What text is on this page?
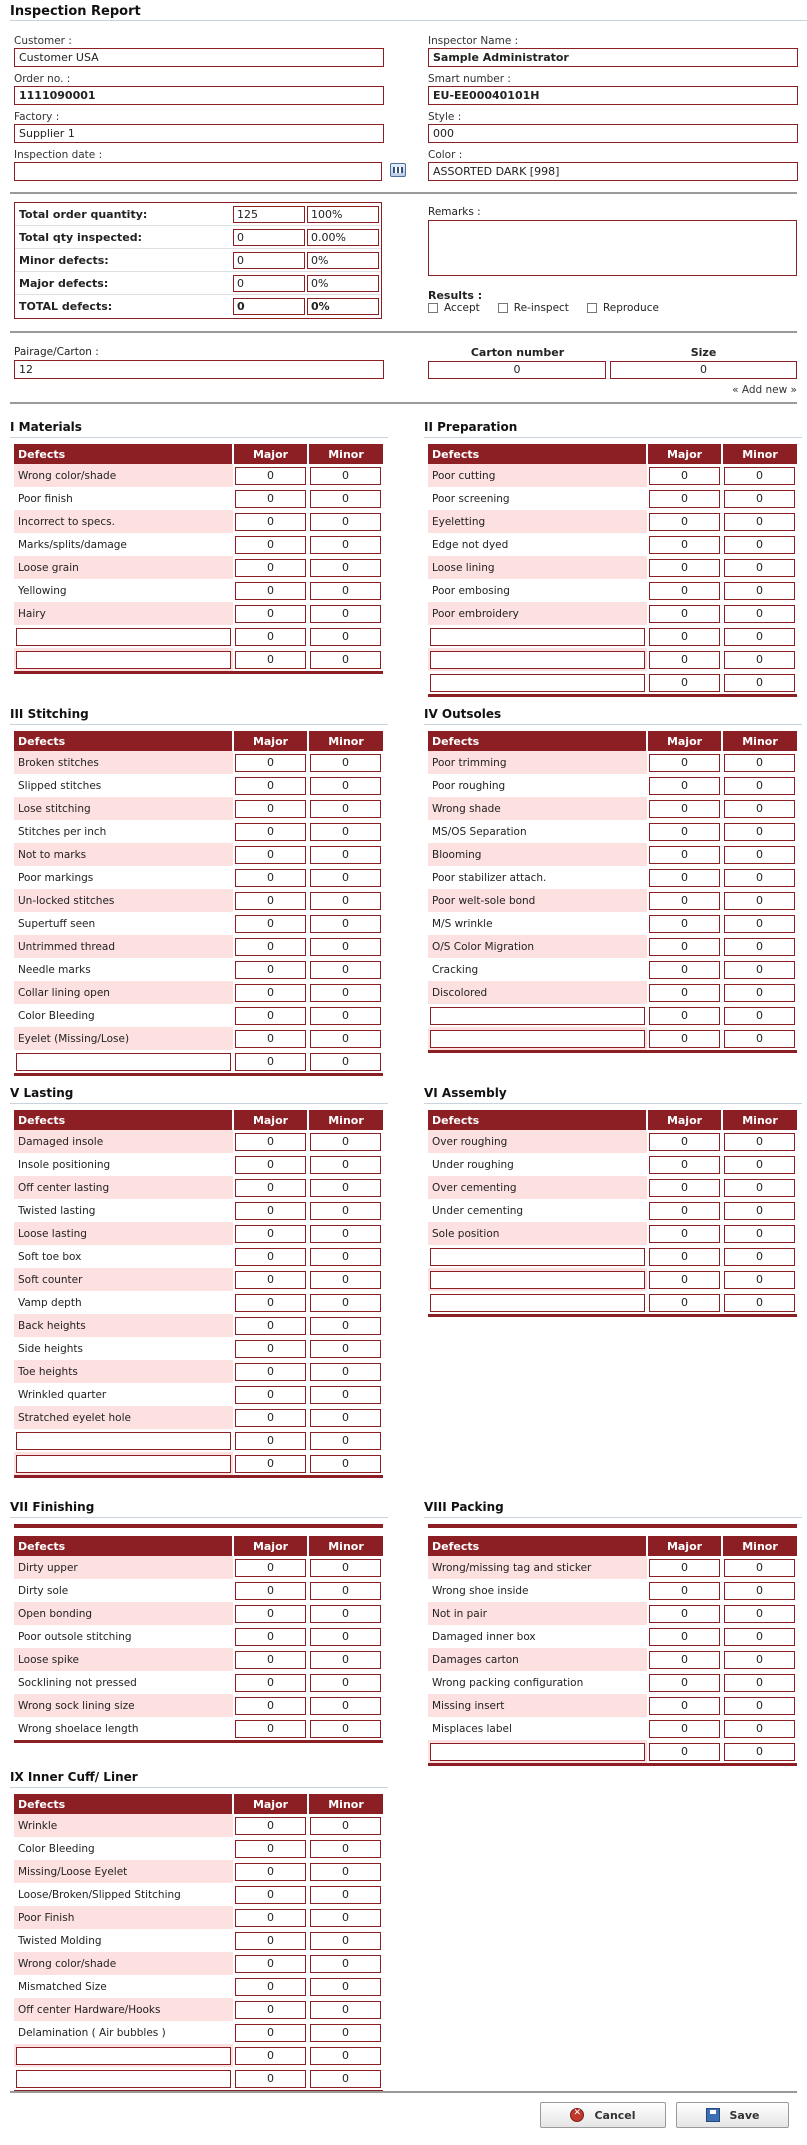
Inspection Report
Customer :
Customer USA
Inspector Name :
Sample Administrator
Order no. :
1111090001
Smart number :
EU-EE00040101H
Factory :
Supplier 1
Style :
000
Inspection date :	Color :
ASSORTED DARK [998]
Total order quantity:	125	100%
Total qty inspected:	0	0.00%
Minor defects:	0	0%
Major defects:	0	0%
TOTAL defects:	0	0%
Remarks :
Results :
Accept	Re-inspect	Reproduce
Pairage/Carton :
12
Carton number	Size
0	0
« Add new »
I Materials
Defects	Major	Minor
Wrong color/shade	0	0

Poor finish	0	0

Incorrect to specs.	0	0

Marks/splits/damage	0	0

Loose grain	0	0

Yellowing	0	0

Hairy	0	0

	0	0

	0	0

II Preparation
Defects	Major	Minor
Poor cutting	0	0

Poor screening	0	0

Eyeletting	0	0

Edge not dyed	0	0

Loose lining	0	0

Poor embosing	0	0

Poor embroidery	0	0

	0	0

	0	0

	0	0

III Stitching
Defects	Major	Minor
Broken stitches	0	0

Slipped stitches	0	0

Lose stitching	0	0

Stitches per inch	0	0

Not to marks	0	0

Poor markings	0	0

Un-locked stitches	0	0

Supertuff seen	0	0

Untrimmed thread	0	0

Needle marks	0	0

Collar lining open	0	0

Color Bleeding	0	0

Eyelet (Missing/Lose)	0	0

	0	0

IV Outsoles
Defects	Major	Minor
Poor trimming	0	0

Poor roughing	0	0

Wrong shade	0	0

MS/OS Separation	0	0

Blooming	0	0

Poor stabilizer attach.	0	0

Poor welt-sole bond	0	0

M/S wrinkle	0	0

O/S Color Migration	0	0

Cracking	0	0

Discolored	0	0

	0	0

	0	0

V Lasting
Defects	Major	Minor
Damaged insole	0	0

Insole positioning	0	0

Off center lasting	0	0

Twisted lasting	0	0

Loose lasting	0	0

Soft toe box	0	0

Soft counter	0	0

Vamp depth	0	0

Back heights	0	0

Side heights	0	0

Toe heights	0	0

Wrinkled quarter	0	0

Stratched eyelet hole	0	0

	0	0

	0	0

VI Assembly
Defects	Major	Minor
Over roughing	0	0

Under roughing	0	0

Over cementing	0	0

Under cementing	0	0

Sole position	0	0

	0	0

	0	0

	0	0

VII Finishing
Defects	Major	Minor
Dirty upper	0	0

Dirty sole	0	0

Open bonding	0	0

Poor outsole stitching	0	0

Loose spike	0	0

Socklining not pressed	0	0

Wrong sock lining size	0	0

Wrong shoelace length	0	0

VIII Packing
Defects	Major	Minor
Wrong/missing tag and sticker	0	0

Wrong shoe inside	0	0

Not in pair	0	0

Damaged inner box	0	0

Damages carton	0	0

Wrong packing configuration	0	0

Missing insert	0	0

Misplaces label	0	0

	0	0

IX Inner Cuff/ Liner
Defects	Major	Minor
Wrinkle	0	0

Color Bleeding	0	0

Missing/Loose Eyelet	0	0

Loose/Broken/Slipped Stitching	0	0

Poor Finish	0	0

Twisted Molding	0	0

Wrong color/shade	0	0

Mismatched Size	0	0

Off center Hardware/Hooks	0	0

Delamination ( Air bubbles )	0	0

	0	0

	0	0

✕
Cancel	Save
